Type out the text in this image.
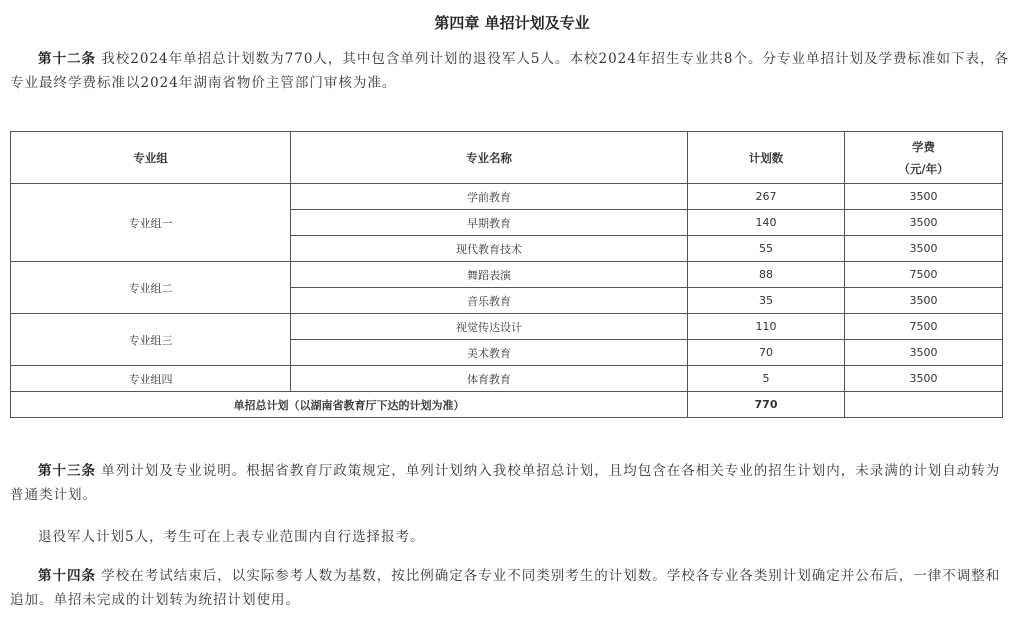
第四章 单招计划及专业
第十二条 我校2024年单招总计划数为770人，其中包含单列计划的退役军人5人。本校2024年招生专业共8个。分专业单招计划及学费标准如下表，各专业最终学费标准以2024年湖南省物价主管部门审核为准。
专业组	专业名称	计划数	学费
（元/年）

专业组一	学前教育	267	3500
	早期教育	140	3500
	现代教育技术	55	3500
专业组二	舞蹈表演	88	7500
	音乐教育	35	3500
专业组三	视觉传达设计	110	7500
	美术教育	70	3500
专业组四	体育教育	5	3500
单招总计划（以湖南省教育厅下达的计划为准）		770	
第十三条 单列计划及专业说明。根据省教育厅政策规定，单列计划纳入我校单招总计划，且均包含在各相关专业的招生计划内，未录满的计划自动转为普通类计划。
退役军人计划5人，考生可在上表专业范围内自行选择报考。
第十四条 学校在考试结束后，以实际参考人数为基数，按比例确定各专业不同类别考生的计划数。学校各专业各类别计划确定并公布后，一律不调整和追加。单招未完成的计划转为统招计划使用。
